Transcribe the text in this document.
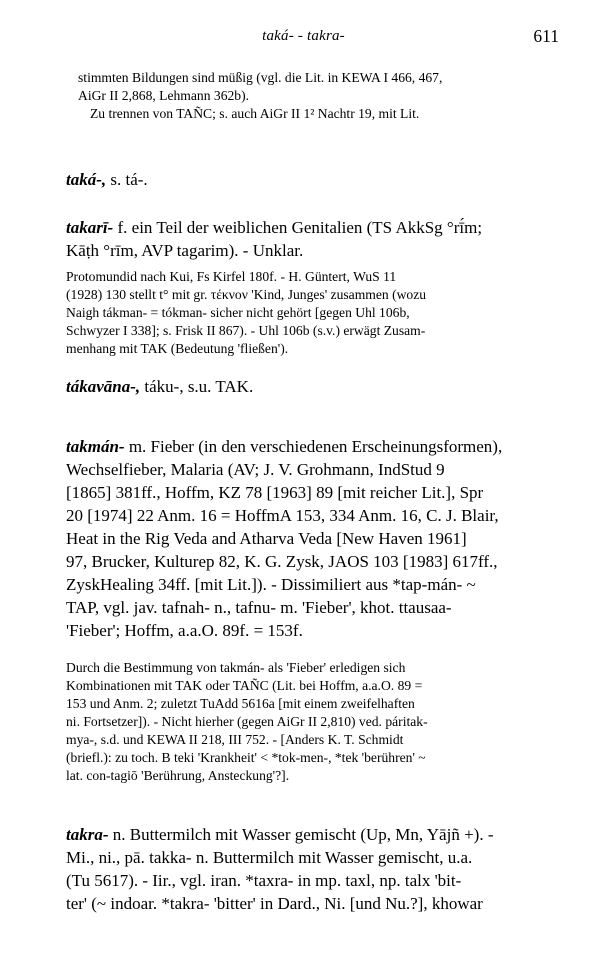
taká- - takra-	611
stimmten Bildungen sind müßig (vgl. die Lit. in KEWA I 466, 467,
AiGr II 2,868, Lehmann 362b).
Zu trennen von TAÑC; s. auch AiGr II 1² Nachtr 19, mit Lit.
taká-, s. tá-.
takarī- f. ein Teil der weiblichen Genitalien (TS AkkSg °rī́m;
Kāṭh °rīm, AVP tagarim). - Unklar.
Protomundid nach Kui, Fs Kirfel 180f. - H. Güntert, WuS 11
(1928) 130 stellt t° mit gr. τέκνον 'Kind, Junges' zusammen (wozu
Naigh tákman- = tókman- sicher nicht gehört [gegen Uhl 106b,
Schwyzer I 338]; s. Frisk II 867). - Uhl 106b (s.v.) erwägt Zusam-
menhang mit TAK (Bedeutung 'fließen').
tákavāna-, táku-, s.u. TAK.
takmán- m. Fieber (in den verschiedenen Erscheinungsformen),
Wechselfieber, Malaria (AV; J. V. Grohmann, IndStud 9
[1865] 381ff., Hoffm, KZ 78 [1963] 89 [mit reicher Lit.], Spr
20 [1974] 22 Anm. 16 = HoffmA 153, 334 Anm. 16, C. J. Blair,
Heat in the Rig Veda and Atharva Veda [New Haven 1961]
97, Brucker, Kulturep 82, K. G. Zysk, JAOS 103 [1983] 617ff.,
ZyskHealing 34ff. [mit Lit.]). - Dissimiliert aus *tap-mán- ~
TAP, vgl. jav. tafnah- n., tafnu- m. 'Fieber', khot. ttausaa-
'Fieber'; Hoffm, a.a.O. 89f. = 153f.
Durch die Bestimmung von takmán- als 'Fieber' erledigen sich
Kombinationen mit TAK oder TAÑC (Lit. bei Hoffm, a.a.O. 89 =
153 und Anm. 2; zuletzt TuAdd 5616a [mit einem zweifelhaften
ni. Fortsetzer]). - Nicht hierher (gegen AiGr II 2,810) ved. páritak-
mya-, s.d. und KEWA II 218, III 752. - [Anders K. T. Schmidt
(briefl.): zu toch. B teki 'Krankheit' < *tok-men-, *tek 'berühren' ~
lat. con-tagiō 'Berührung, Ansteckung'?].
takra- n. Buttermilch mit Wasser gemischt (Up, Mn, Yājñ +). -
Mi., ni., pā. takka- n. Buttermilch mit Wasser gemischt, u.a.
(Tu 5617). - Iir., vgl. iran. *taxra- in mp. taxl, np. talx 'bit-
ter' (~ indoar. *takra- 'bitter' in Dard., Ni. [und Nu.?], khowar
